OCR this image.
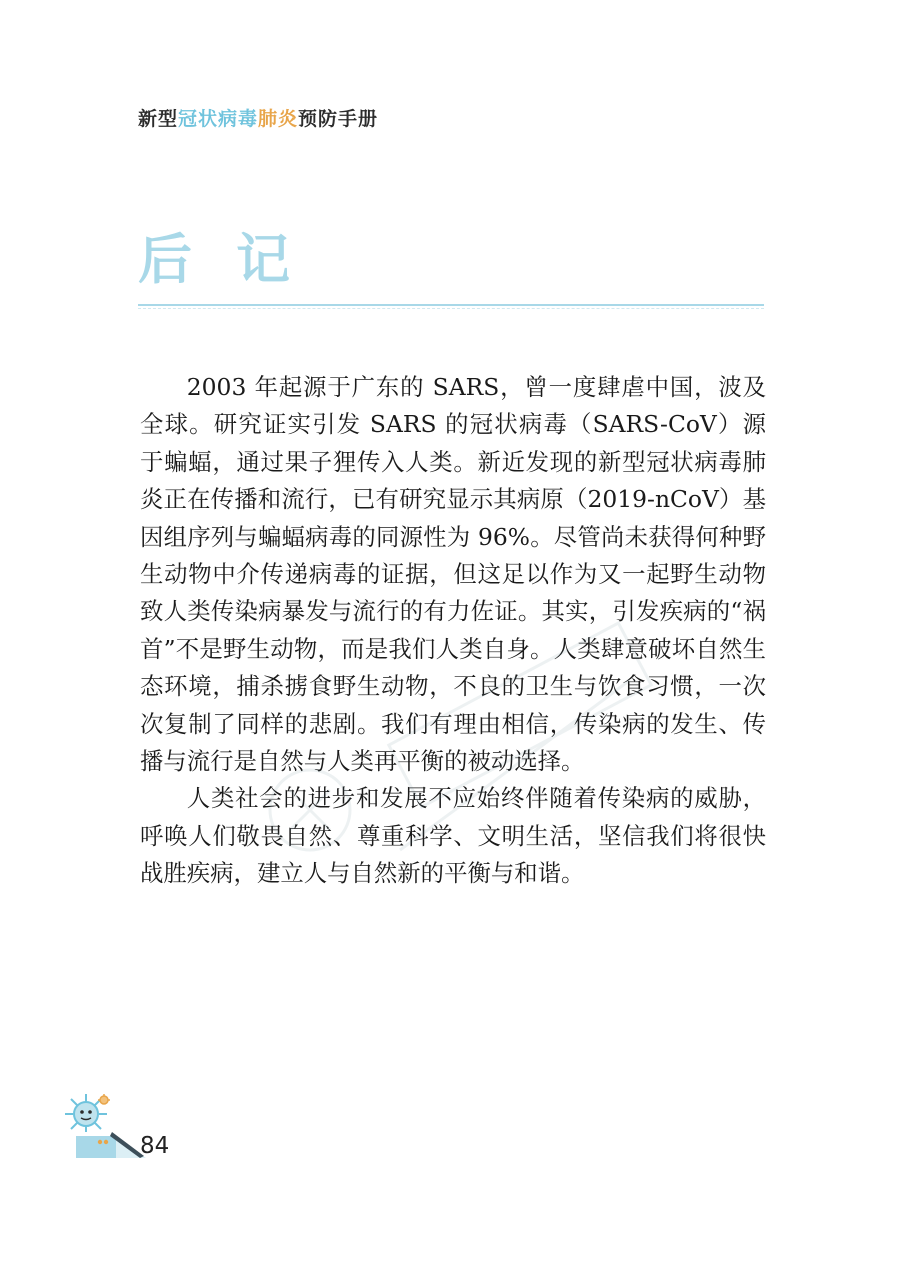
新型冠状病毒肺炎预防手册
后记

2003 年起源于广东的 SARS，曾一度肆虐中国，波及全球。研究证实引发 SARS 的冠状病毒（SARS-CoV）源于蝙蝠，通过果子狸传入人类。新近发现的新型冠状病毒肺炎正在传播和流行，已有研究显示其病原（2019-nCoV）基因组序列与蝙蝠病毒的同源性为 96%。尽管尚未获得何种野生动物中介传递病毒的证据，但这足以作为又一起野生动物致人类传染病暴发与流行的有力佐证。其实，引发疾病的“祸首”不是野生动物，而是我们人类自身。人类肆意破坏自然生态环境，捕杀掳食野生动物，不良的卫生与饮食习惯，一次次复制了同样的悲剧。我们有理由相信，传染病的发生、传播与流行是自然与人类再平衡的被动选择。

人类社会的进步和发展不应始终伴随着传染病的威胁，呼唤人们敬畏自然、尊重科学、文明生活，坚信我们将很快战胜疾病，建立人与自然新的平衡与和谐。

84
